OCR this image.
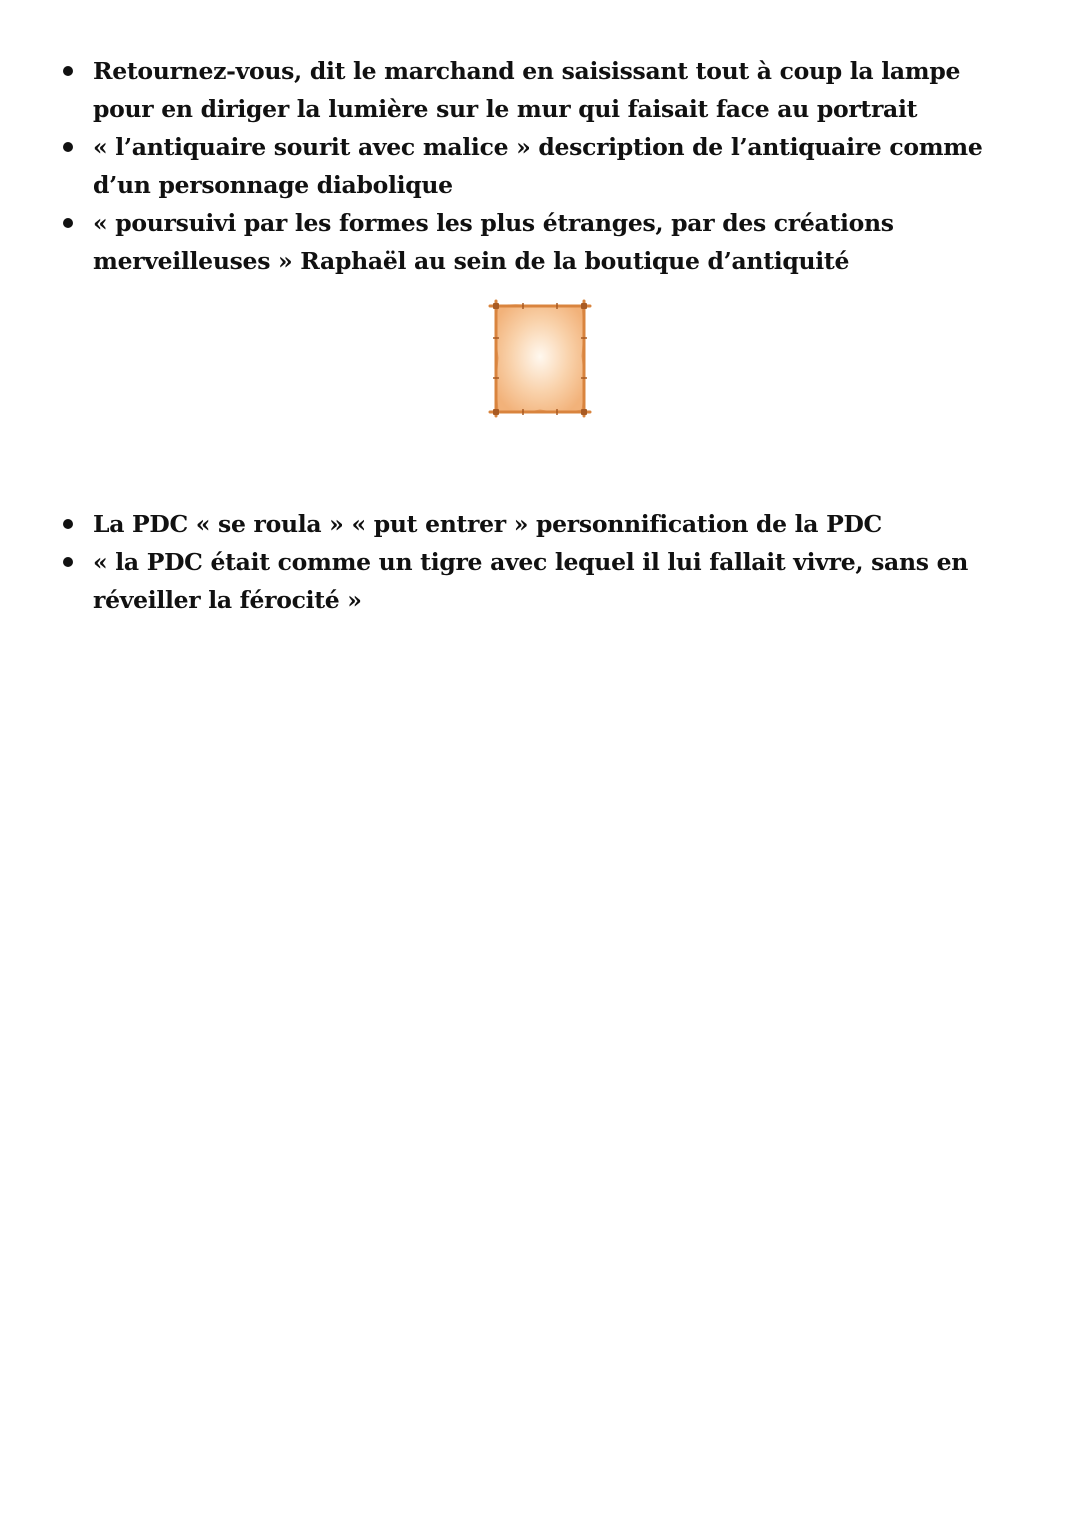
Retournez-vous, dit le marchand en saisissant tout à coup la lampe pour en diriger la lumière sur le mur qui faisait face au portrait
« l’antiquaire sourit avec malice » description de l’antiquaire comme d’un personnage diabolique
« poursuivi par les formes les plus étranges, par des créations merveilleuses » Raphaël au sein de la boutique d’antiquité
La PDC « se roula » « put entrer » personnification de la PDC
« la PDC était comme un tigre avec lequel il lui fallait vivre, sans en réveiller la férocité »
